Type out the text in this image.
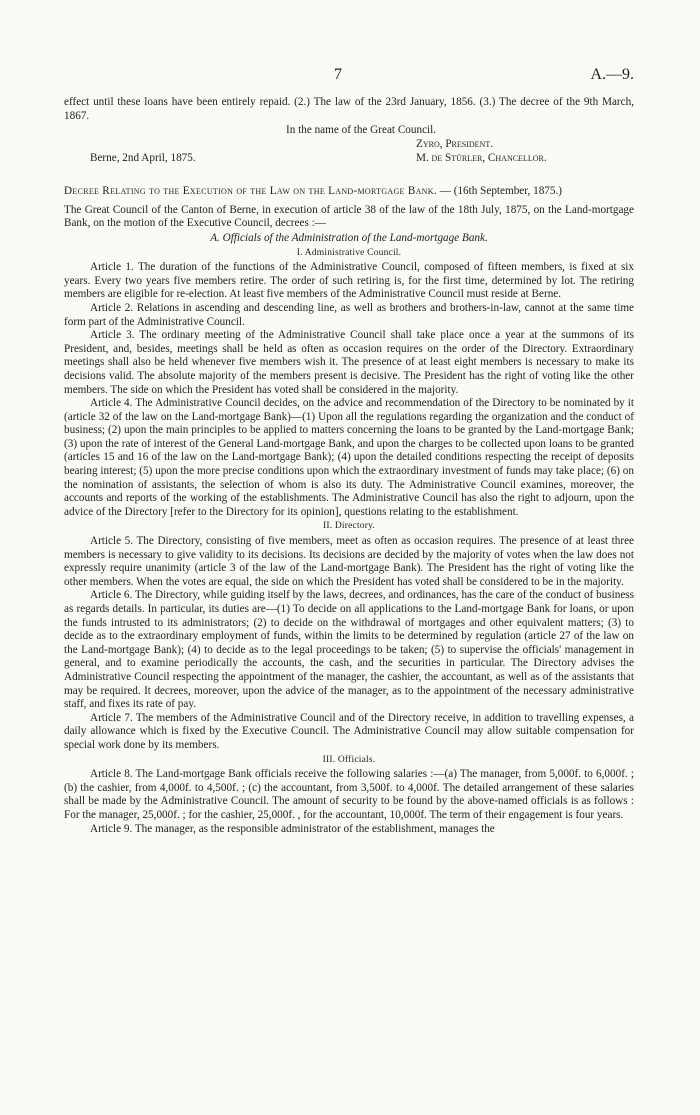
7	A.—9.

effect until these loans have been entirely repaid. (2.) The law of the 23rd January, 1856. (3.) The decree of the 9th March, 1867.

In the name of the Great Council.
Zyro, President.
Berne, 2nd April, 1875.	M. de Stürler, Chancellor.

Decree Relating to the Execution of the Law on the Land-mortgage Bank. — (16th September, 1875.)

The Great Council of the Canton of Berne, in execution of article 38 of the law of the 18th July, 1875, on the Land-mortgage Bank, on the motion of the Executive Council, decrees :—

A. Officials of the Administration of the Land-mortgage Bank.

I. Administrative Council.

Article 1. The duration of the functions of the Administrative Council, composed of fifteen members, is fixed at six years. Every two years five members retire. The order of such retiring is, for the first time, determined by lot. The retiring members are eligible for re-election. At least five members of the Administrative Council must reside at Berne.

Article 2. Relations in ascending and descending line, as well as brothers and brothers-in-law, cannot at the same time form part of the Administrative Council.

Article 3. The ordinary meeting of the Administrative Council shall take place once a year at the summons of its President, and, besides, meetings shall be held as often as occasion requires on the order of the Directory. Extraordinary meetings shall also be held whenever five members wish it. The presence of at least eight members is necessary to make its decisions valid. The absolute majority of the members present is decisive. The President has the right of voting like the other members. The side on which the President has voted shall be considered in the majority.

Article 4. The Administrative Council decides, on the advice and recommendation of the Directory to be nominated by it (article 32 of the law on the Land-mortgage Bank)—(1) Upon all the regulations regarding the organization and the conduct of business; (2) upon the main principles to be applied to matters concerning the loans to be granted by the Land-mortgage Bank; (3) upon the rate of interest of the General Land-mortgage Bank, and upon the charges to be collected upon loans to be granted (articles 15 and 16 of the law on the Land-mortgage Bank); (4) upon the detailed conditions respecting the receipt of deposits bearing interest; (5) upon the more precise conditions upon which the extraordinary investment of funds may take place; (6) on the nomination of assistants, the selection of whom is also its duty. The Administrative Council examines, moreover, the accounts and reports of the working of the establishments. The Administrative Council has also the right to adjourn, upon the advice of the Directory [refer to the Directory for its opinion], questions relating to the establishment.

II. Directory.

Article 5. The Directory, consisting of five members, meet as often as occasion requires. The presence of at least three members is necessary to give validity to its decisions. Its decisions are decided by the majority of votes when the law does not expressly require unanimity (article 3 of the law of the Land-mortgage Bank). The President has the right of voting like the other members. When the votes are equal, the side on which the President has voted shall be considered to be in the majority.

Article 6. The Directory, while guiding itself by the laws, decrees, and ordinances, has the care of the conduct of business as regards details. In particular, its duties are—(1) To decide on all applications to the Land-mortgage Bank for loans, or upon the funds intrusted to its administrators; (2) to decide on the withdrawal of mortgages and other equivalent matters; (3) to decide as to the extraordinary employment of funds, within the limits to be determined by regulation (article 27 of the law on the Land-mortgage Bank); (4) to decide as to the legal proceedings to be taken; (5) to supervise the officials' management in general, and to examine periodically the accounts, the cash, and the securities in particular. The Directory advises the Administrative Council respecting the appointment of the manager, the cashier, the accountant, as well as of the assistants that may be required. It decrees, moreover, upon the advice of the manager, as to the appointment of the necessary administrative staff, and fixes its rate of pay.

Article 7. The members of the Administrative Council and of the Directory receive, in addition to travelling expenses, a daily allowance which is fixed by the Executive Council. The Administrative Council may allow suitable compensation for special work done by its members.

III. Officials.

Article 8. The Land-mortgage Bank officials receive the following salaries :—(a) The manager, from 5,000f. to 6,000f. ; (b) the cashier, from 4,000f. to 4,500f. ; (c) the accountant, from 3,500f. to 4,000f. The detailed arrangement of these salaries shall be made by the Administrative Council. The amount of security to be found by the above-named officials is as follows : For the manager, 25,000f. ; for the cashier, 25,000f. , for the accountant, 10,000f. The term of their engagement is four years.

Article 9. The manager, as the responsible administrator of the establishment, manages the
